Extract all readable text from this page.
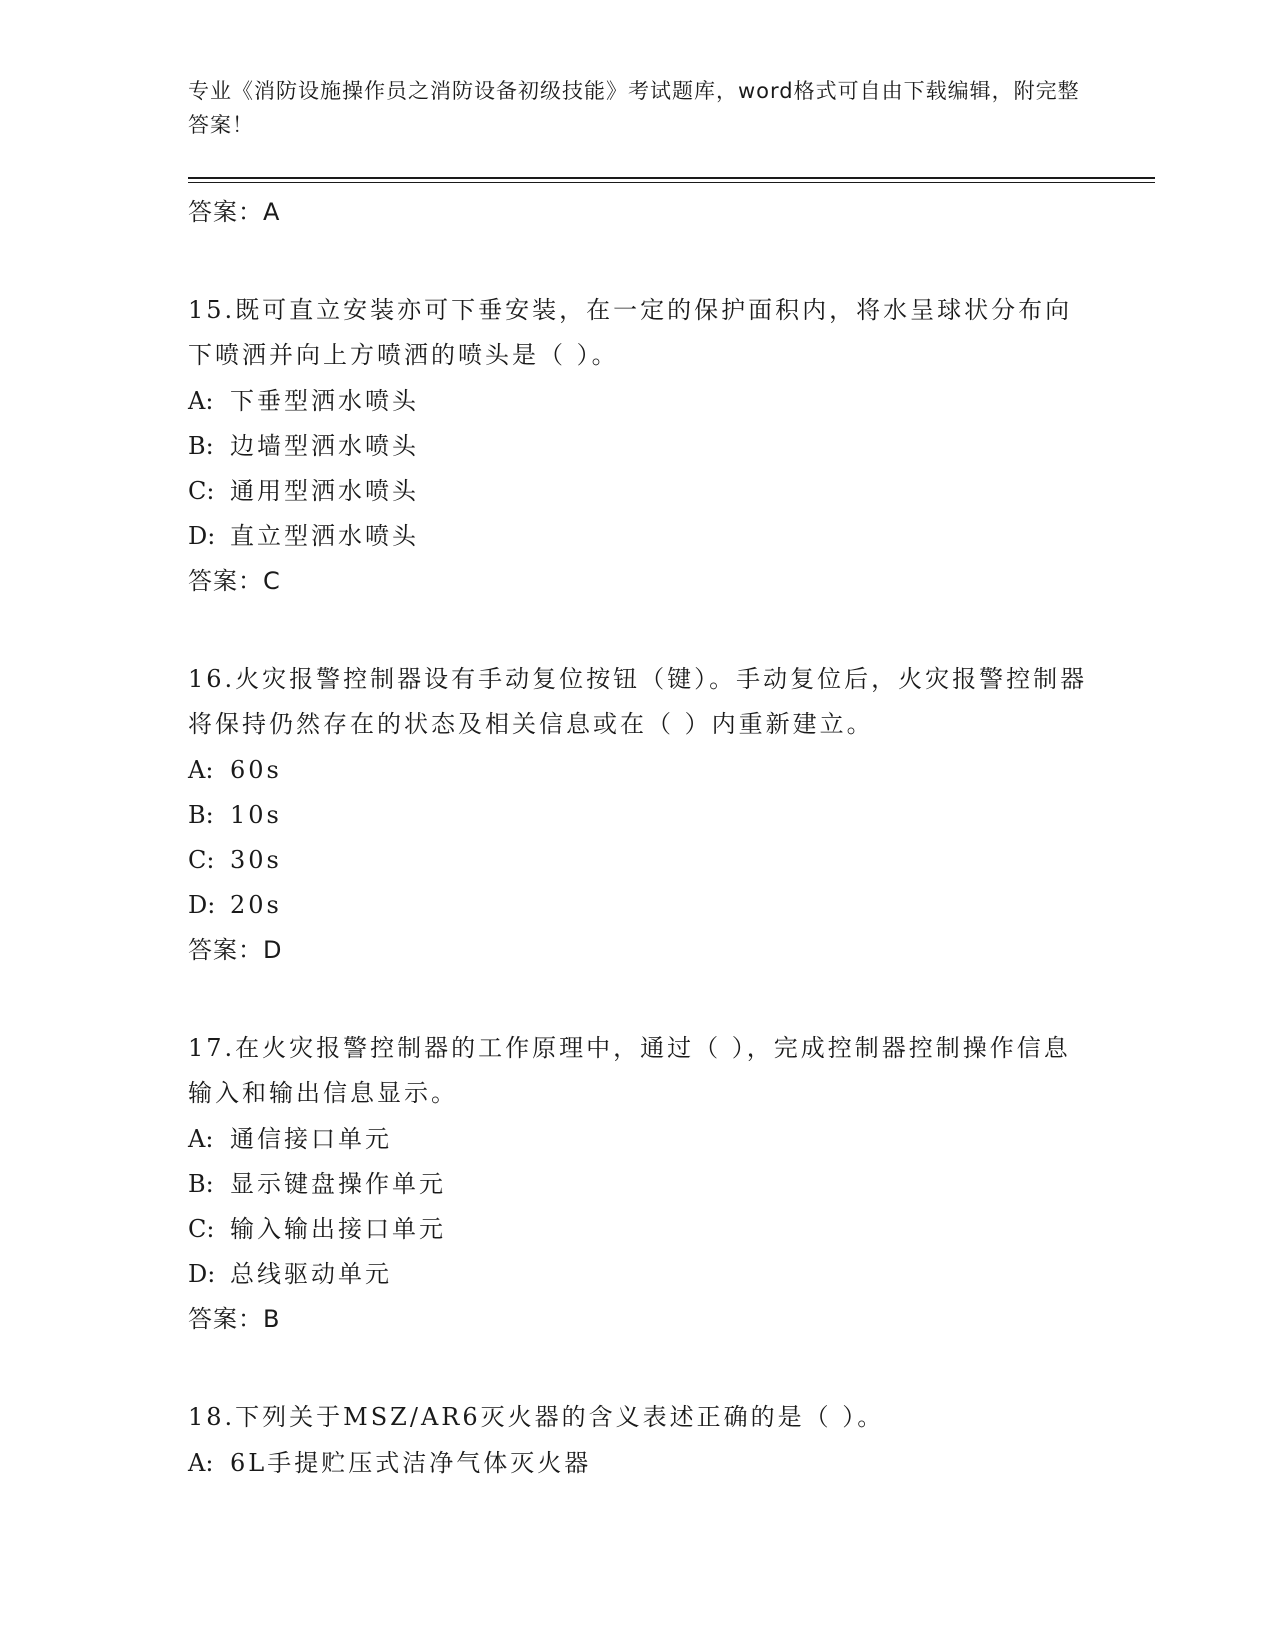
专业《消防设施操作员之消防设备初级技能》考试题库，word格式可自由下载编辑，附完整答案！
答案：A
15.既可直立安装亦可下垂安装，在一定的保护面积内，将水呈球状分布向下喷洒并向上方喷洒的喷头是（ ）。
A: 下垂型洒水喷头
B: 边墙型洒水喷头
C: 通用型洒水喷头
D: 直立型洒水喷头
答案：C
16.火灾报警控制器设有手动复位按钮（键）。手动复位后，火灾报警控制器将保持仍然存在的状态及相关信息或在（ ）内重新建立。
A: 60s
B: 10s
C: 30s
D: 20s
答案：D
17.在火灾报警控制器的工作原理中，通过（ ），完成控制器控制操作信息输入和输出信息显示。
A: 通信接口单元
B: 显示键盘操作单元
C: 输入输出接口单元
D: 总线驱动单元
答案：B
18.下列关于MSZ/AR6灭火器的含义表述正确的是（ ）。
A: 6L手提贮压式洁净气体灭火器
